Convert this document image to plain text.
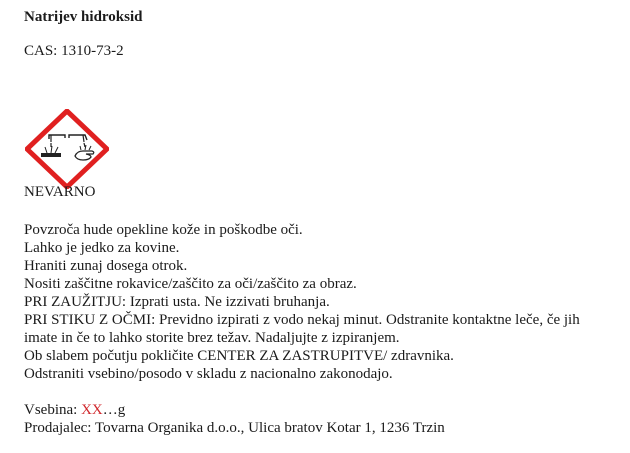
Natrijev hidroksid
CAS: 1310-73-2
NEVARNO
Povzroča hude opekline kože in poškodbe oči.
Lahko je jedko za kovine.
Hraniti zunaj dosega otrok.
Nositi zaščitne rokavice/zaščito za oči/zaščito za obraz.
PRI ZAUŽITJU: Izprati usta. Ne izzivati bruhanja.
PRI STIKU Z OČMI: Previdno izpirati z vodo nekaj minut. Odstranite kontaktne leče, če jih
imate in če to lahko storite brez težav. Nadaljujte z izpiranjem.
Ob slabem počutju pokličite CENTER ZA ZASTRUPITVE/ zdravnika.
Odstraniti vsebino/posodo v skladu z nacionalno zakonodajo.
Vsebina: XX…g
Prodajalec: Tovarna Organika d.o.o., Ulica bratov Kotar 1, 1236 Trzin
